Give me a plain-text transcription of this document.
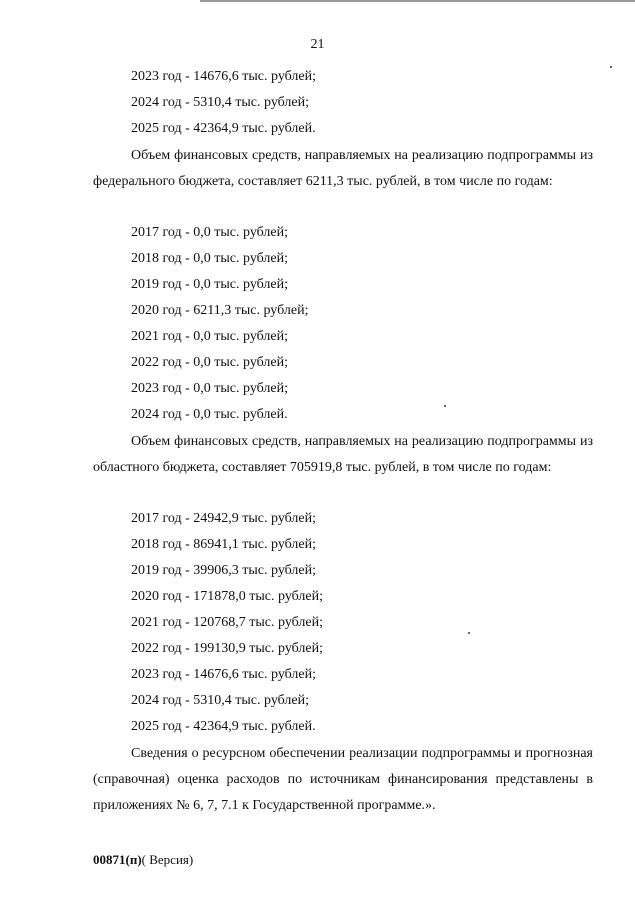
21
2023 год - 14676,6 тыс. рублей;
2024 год - 5310,4 тыс. рублей;
2025 год - 42364,9 тыс. рублей.

Объем финансовых средств, направляемых на реализацию подпрограммы из федерального бюджета, составляет 6211,3 тыс. рублей, в том числе по годам:

2017 год - 0,0 тыс. рублей;
2018 год - 0,0 тыс. рублей;
2019 год - 0,0 тыс. рублей;
2020 год - 6211,3 тыс. рублей;
2021 год - 0,0 тыс. рублей;
2022 год - 0,0 тыс. рублей;
2023 год - 0,0 тыс. рублей;
2024 год - 0,0 тыс. рублей.

Объем финансовых средств, направляемых на реализацию подпрограммы из областного бюджета, составляет 705919,8 тыс. рублей, в том числе по годам:

2017 год - 24942,9 тыс. рублей;
2018 год - 86941,1 тыс. рублей;
2019 год - 39906,3 тыс. рублей;
2020 год - 171878,0 тыс. рублей;
2021 год - 120768,7 тыс. рублей;
2022 год - 199130,9 тыс. рублей;
2023 год - 14676,6 тыс. рублей;
2024 год - 5310,4 тыс. рублей;
2025 год - 42364,9 тыс. рублей.

Сведения о ресурсном обеспечении реализации подпрограммы и прогнозная (справочная) оценка расходов по источникам финансирования представлены в приложениях № 6, 7, 7.1 к Государственной программе.».

00871(п)( Версия)
